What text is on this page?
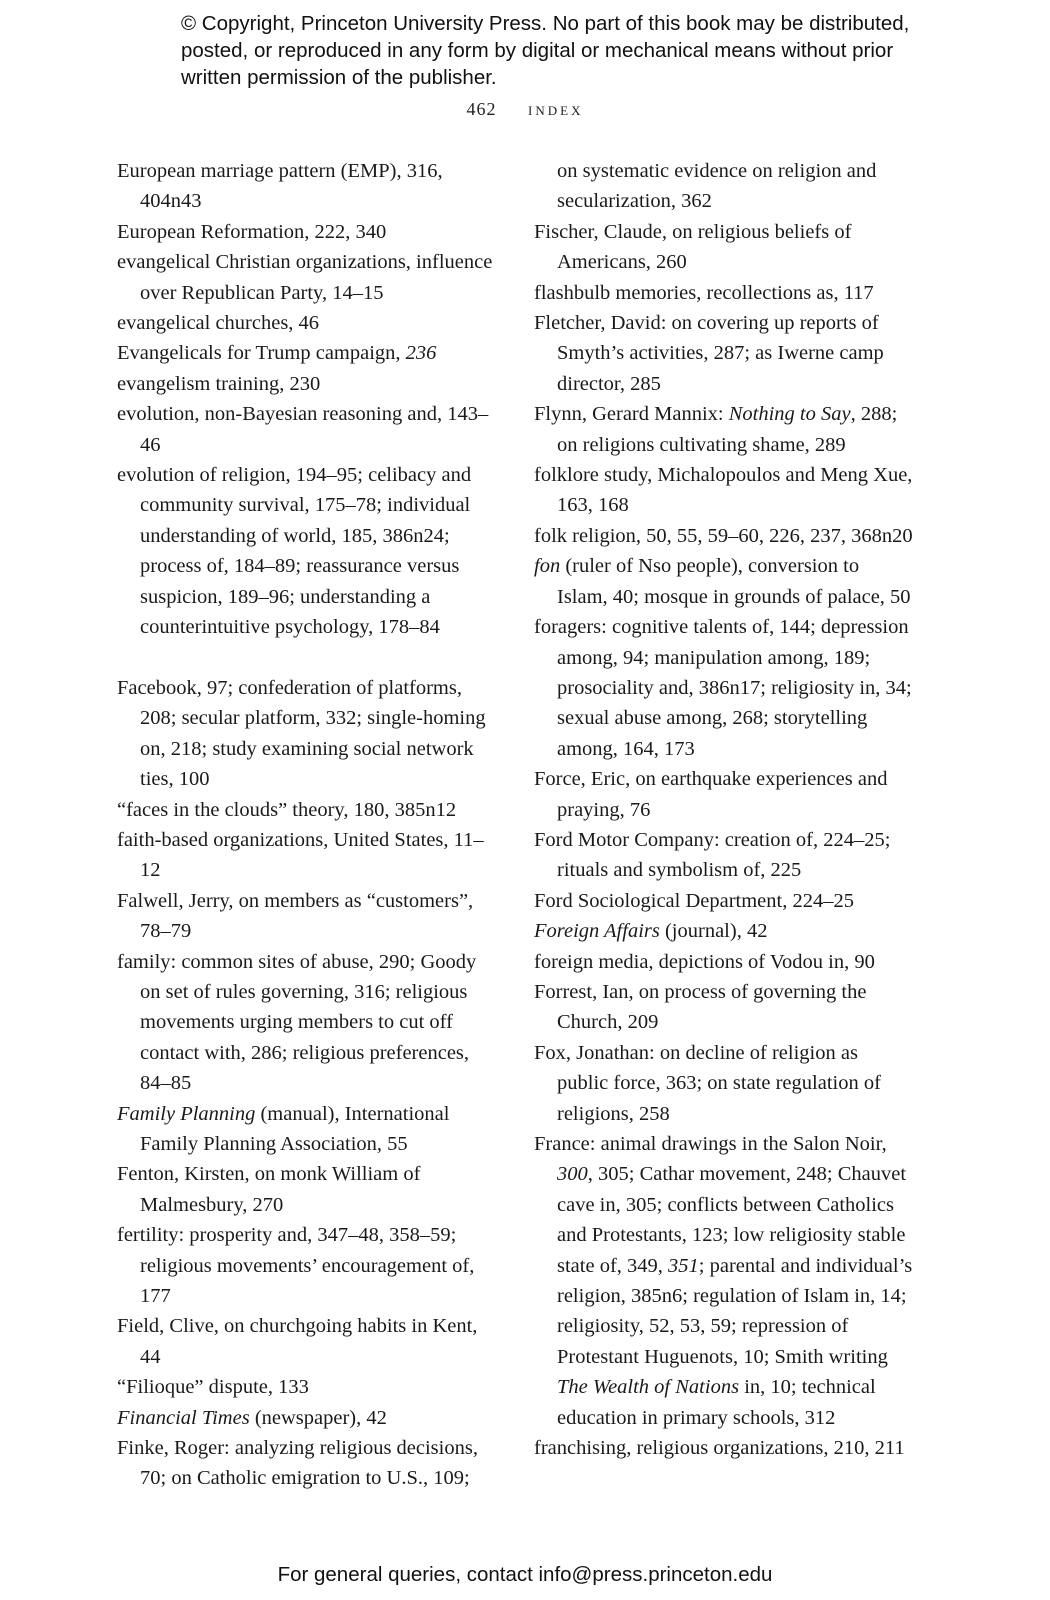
© Copyright, Princeton University Press. No part of this book may be distributed, posted, or reproduced in any form by digital or mechanical means without prior written permission of the publisher.
462 index

European marriage pattern (EMP), 316, 404n43

European Reformation, 222, 340

evangelical Christian organizations, influence over Republican Party, 14–15

evangelical churches, 46

Evangelicals for Trump campaign, 236

evangelism training, 230

evolution, non-Bayesian reasoning and, 143–46

evolution of religion, 194–95; celibacy and community survival, 175–78; individual understanding of world, 185, 386n24; process of, 184–89; reassurance versus suspicion, 189–96; understanding a counterintuitive psychology, 178–84

Facebook, 97; confederation of platforms, 208; secular platform, 332; single-homing on, 218; study examining social network ties, 100

“faces in the clouds” theory, 180, 385n12

faith-based organizations, United States, 11–12

Falwell, Jerry, on members as “customers”, 78–79

family: common sites of abuse, 290; Goody on set of rules governing, 316; religious movements urging members to cut off contact with, 286; religious preferences, 84–85

Family Planning (manual), International Family Planning Association, 55

Fenton, Kirsten, on monk William of Malmesbury, 270

fertility: prosperity and, 347–48, 358–59; religious movements’ encouragement of, 177

Field, Clive, on churchgoing habits in Kent, 44

“Filioque” dispute, 133

Financial Times (newspaper), 42

Finke, Roger: analyzing religious decisions, 70; on Catholic emigration to U.S., 109;

on systematic evidence on religion and secularization, 362

Fischer, Claude, on religious beliefs of Americans, 260

flashbulb memories, recollections as, 117

Fletcher, David: on covering up reports of Smyth’s activities, 287; as Iwerne camp director, 285

Flynn, Gerard Mannix: Nothing to Say, 288; on religions cultivating shame, 289

folklore study, Michalopoulos and Meng Xue, 163, 168

folk religion, 50, 55, 59–60, 226, 237, 368n20

fon (ruler of Nso people), conversion to Islam, 40; mosque in grounds of palace, 50

foragers: cognitive talents of, 144; depression among, 94; manipulation among, 189; prosociality and, 386n17; religiosity in, 34; sexual abuse among, 268; storytelling among, 164, 173

Force, Eric, on earthquake experiences and praying, 76

Ford Motor Company: creation of, 224–25; rituals and symbolism of, 225

Ford Sociological Department, 224–25

Foreign Affairs (journal), 42

foreign media, depictions of Vodou in, 90

Forrest, Ian, on process of governing the Church, 209

Fox, Jonathan: on decline of religion as public force, 363; on state regulation of religions, 258

France: animal drawings in the Salon Noir, 300, 305; Cathar movement, 248; Chauvet cave in, 305; conflicts between Catholics and Protestants, 123; low religiosity stable state of, 349, 351; parental and individual’s religion, 385n6; regulation of Islam in, 14; religiosity, 52, 53, 59; repression of Protestant Huguenots, 10; Smith writing The Wealth of Nations in, 10; technical education in primary schools, 312

franchising, religious organizations, 210, 211

For general queries, contact info@press.princeton.edu
